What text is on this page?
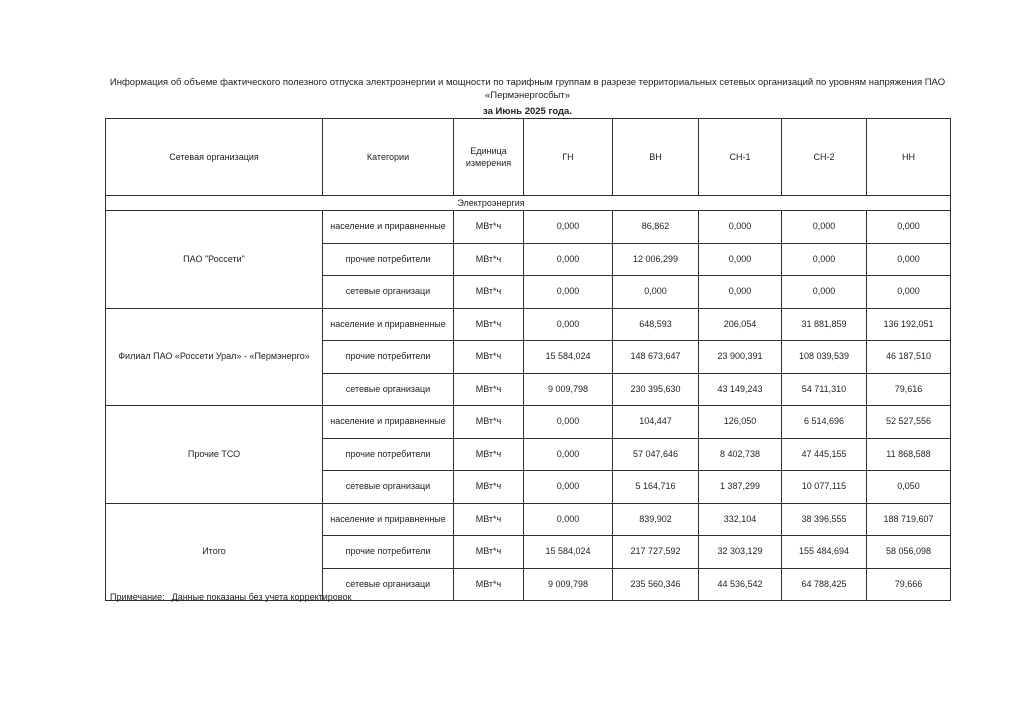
Информация об объеме фактического полезного отпуска электроэнергии и мощности по тарифным группам в разрезе территориальных сетевых организаций по уровням напряжения ПАО «Пермэнергосбыт»
за Июнь 2025 года.
Сетевая организация	Категории	Единица измерения	ГН	ВН	СН-1	СН-2	НН
Электроэнергия							
ПАО "Россети"	население и приравненные	МВт*ч	0,000	86,862	0,000	0,000	0,000
	прочие потребители	МВт*ч	0,000	12 006,299	0,000	0,000	0,000
	сетевые организаци	МВт*ч	0,000	0,000	0,000	0,000	0,000
Филиал ПАО «Россети Урал» - «Пермэнерго»	население и приравненные	МВт*ч	0,000	648,593	206,054	31 881,859	136 192,051
	прочие потребители	МВт*ч	15 584,024	148 673,647	23 900,391	108 039,539	46 187,510
	сетевые организаци	МВт*ч	9 009,798	230 395,630	43 149,243	54 711,310	79,616
Прочие ТСО	население и приравненные	МВт*ч	0,000	104,447	126,050	6 514,696	52 527,556
	прочие потребители	МВт*ч	0,000	57 047,646	8 402,738	47 445,155	11 868,588
	сетевые организаци	МВт*ч	0,000	5 164,716	1 387,299	10 077,115	0,050
Итого	население и приравненные	МВт*ч	0,000	839,902	332,104	38 396,555	188 719,607
	прочие потребители	МВт*ч	15 584,024	217 727,592	32 303,129	155 484,694	58 056,098
	сетевые организаци	МВт*ч	9 009,798	235 560,346	44 536,542	64 788,425	79,666
Примечание: Данные показаны без учета корректировок
